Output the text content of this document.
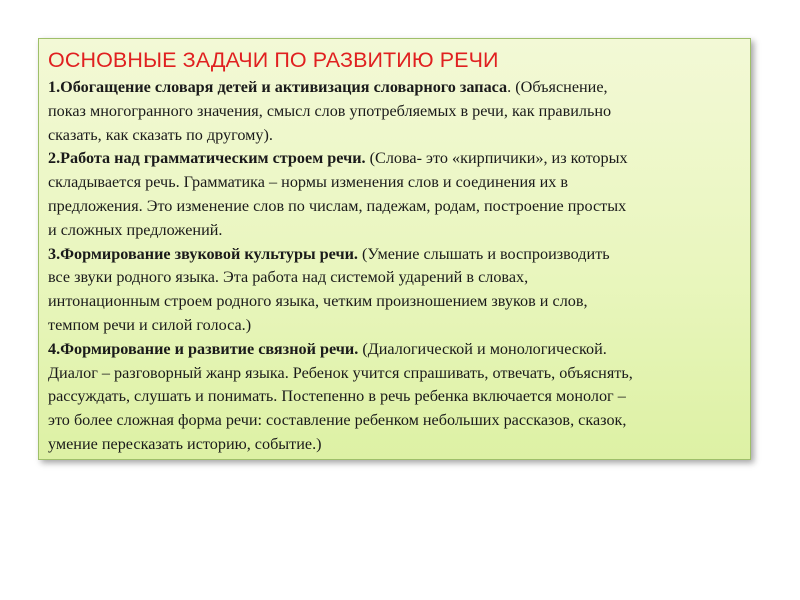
ОСНОВНЫЕ ЗАДАЧИ ПО РАЗВИТИЮ РЕЧИ
1.Обогащение словаря детей и активизация словарного запаса. (Объяснение,
показ многогранного значения, смысл слов употребляемых в речи, как правильно
сказать, как сказать по другому).
2.Работа над грамматическим строем речи. (Слова- это «кирпичики», из которых
складывается речь. Грамматика – нормы изменения слов и соединения их в
предложения. Это изменение слов по числам, падежам, родам, построение простых
и сложных предложений.
3.Формирование звуковой культуры речи. (Умение слышать и воспроизводить
все звуки родного языка. Эта работа над системой ударений в словах,
интонационным строем родного языка, четким произношением звуков и слов,
темпом речи и силой голоса.)
4.Формирование и развитие связной речи. (Диалогической и монологической.
Диалог – разговорный жанр языка. Ребенок учится спрашивать, отвечать, объяснять,
рассуждать, слушать и понимать. Постепенно в речь ребенка включается монолог –
это более сложная форма речи: составление ребенком небольших рассказов, сказок,
умение пересказать историю, событие.)
